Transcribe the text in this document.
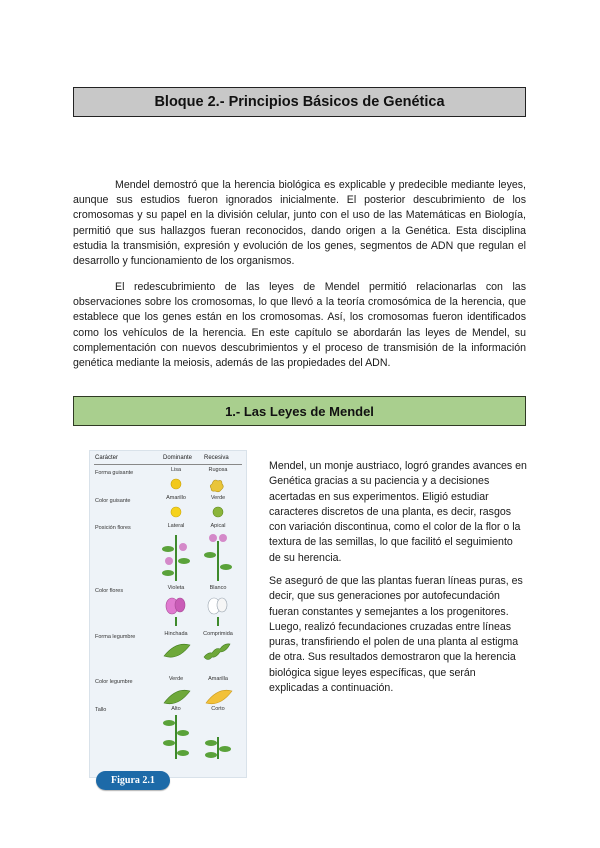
Bloque 2.- Principios Básicos de Genética

Mendel demostró que la herencia biológica es explicable y predecible mediante leyes, aunque sus estudios fueron ignorados inicialmente. El posterior descubrimiento de los cromosomas y su papel en la división celular, junto con el uso de las Matemáticas en Biología, permitió que sus hallazgos fueran reconocidos, dando origen a la Genética. Esta disciplina estudia la transmisión, expresión y evolución de los genes, segmentos de ADN que regulan el desarrollo y funcionamiento de los organismos.

El redescubrimiento de las leyes de Mendel permitió relacionarlas con las observaciones sobre los cromosomas, lo que llevó a la teoría cromosómica de la herencia, que establece que los genes están en los cromosomas. Así, los cromosomas fueron identificados como los vehículos de la herencia. En este capítulo se abordarán las leyes de Mendel, su complementación con nuevos descubrimientos y el proceso de transmisión de la información genética mediante la meiosis, además de las propiedades del ADN.

1.- Las Leyes de Mendel
Carácter	Dominante Recesiva
Forma guisante	Lisa	Rugosa
Color guisante	Amarillo	Verde
Posición flores	Lateral	Apical
Color flores	Violeta	Blanco
Forma legumbre	Hinchada	Comprimida
Color legumbre	Verde	Amarilla
Tallo	Alto	Corto
Figura 2.1

Mendel, un monje austriaco, logró grandes avances en Genética gracias a su paciencia y a decisiones acertadas en sus experimentos. Eligió estudiar caracteres discretos de una planta, es decir, rasgos con variación discontinua, como el color de la flor o la textura de las semillas, lo que facilitó el seguimiento de su herencia.

Se aseguró de que las plantas fueran líneas puras, es decir, que sus generaciones por autofecundación fueran constantes y semejantes a los progenitores. Luego, realizó fecundaciones cruzadas entre líneas puras, transfiriendo el polen de una planta al estigma de otra. Sus resultados demostraron que la herencia biológica sigue leyes específicas, que serán explicadas a continuación.
